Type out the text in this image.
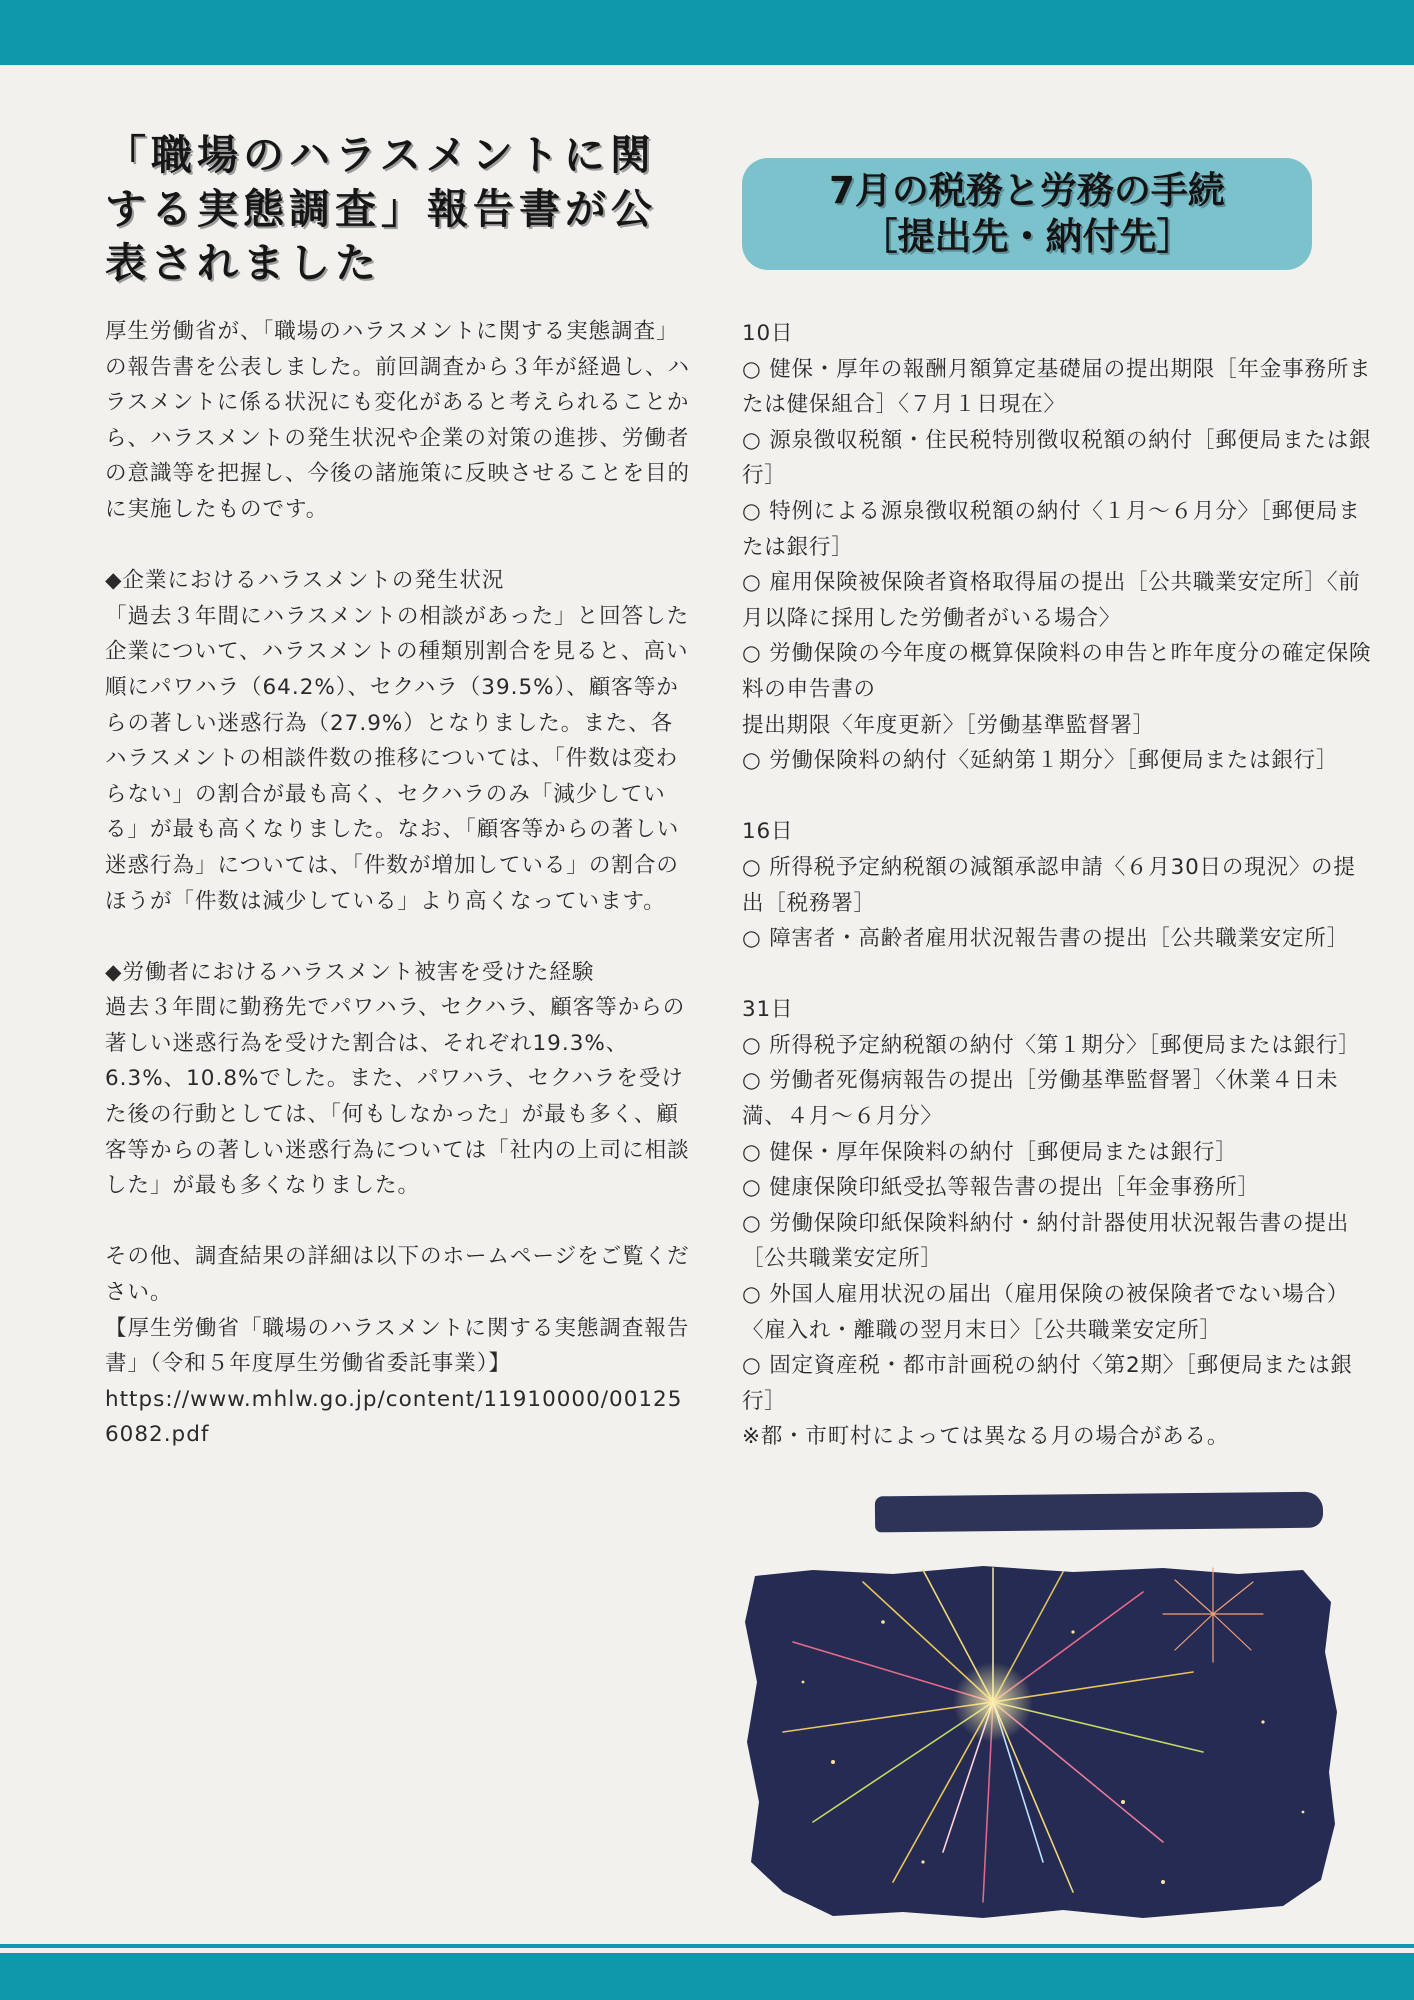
「職場のハラスメントに関する実態調査」報告書が公表されました

厚生労働省が、「職場のハラスメントに関する実態調査」の報告書を公表しました。前回調査から３年が経過し、ハラスメントに係る状況にも変化があると考えられることから、ハラスメントの発生状況や企業の対策の進捗、労働者の意識等を把握し、今後の諸施策に反映させることを目的に実施したものです。

◆企業におけるハラスメントの発生状況

「過去３年間にハラスメントの相談があった」と回答した企業について、ハラスメントの種類別割合を見ると、高い順にパワハラ（64.2%）、セクハラ（39.5%）、顧客等からの著しい迷惑行為（27.9%）となりました。また、各ハラスメントの相談件数の推移については、「件数は変わらない」の割合が最も高く、セクハラのみ「減少している」が最も高くなりました。なお、「顧客等からの著しい迷惑行為」については、「件数が増加している」の割合のほうが「件数は減少している」より高くなっています。

◆労働者におけるハラスメント被害を受けた経験

過去３年間に勤務先でパワハラ、セクハラ、顧客等からの著しい迷惑行為を受けた割合は、それぞれ19.3%、6.3%、10.8%でした。また、パワハラ、セクハラを受けた後の行動としては、「何もしなかった」が最も多く、顧客等からの著しい迷惑行為については「社内の上司に相談した」が最も多くなりました。

その他、調査結果の詳細は以下のホームページをご覧ください。

【厚生労働省「職場のハラスメントに関する実態調査報告書」（令和５年度厚生労働省委託事業）】

https://www.mhlw.go.jp/content/11910000/001256082.pdf

7月の税務と労務の手続
［提出先・納付先］

10日

○ 健保・厚年の報酬月額算定基礎届の提出期限［年金事務所または健保組合］〈７月１日現在〉

○ 源泉徴収税額・住民税特別徴収税額の納付［郵便局または銀行］

○ 特例による源泉徴収税額の納付〈１月～６月分〉［郵便局または銀行］

○ 雇用保険被保険者資格取得届の提出［公共職業安定所］〈前月以降に採用した労働者がいる場合〉

○ 労働保険の今年度の概算保険料の申告と昨年度分の確定保険料の申告書の

提出期限〈年度更新〉［労働基準監督署］

○ 労働保険料の納付〈延納第１期分〉［郵便局または銀行］

16日

○ 所得税予定納税額の減額承認申請〈６月30日の現況〉の提出［税務署］

○ 障害者・高齢者雇用状況報告書の提出［公共職業安定所］

31日

○ 所得税予定納税額の納付〈第１期分〉［郵便局または銀行］

○ 労働者死傷病報告の提出［労働基準監督署］〈休業４日未満、４月～６月分〉

○ 健保・厚年保険料の納付［郵便局または銀行］

○ 健康保険印紙受払等報告書の提出［年金事務所］

○ 労働保険印紙保険料納付・納付計器使用状況報告書の提出［公共職業安定所］

○ 外国人雇用状況の届出（雇用保険の被保険者でない場合）〈雇入れ・離職の翌月末日〉［公共職業安定所］

○ 固定資産税・都市計画税の納付〈第2期〉［郵便局または銀行］

※都・市町村によっては異なる月の場合がある。
